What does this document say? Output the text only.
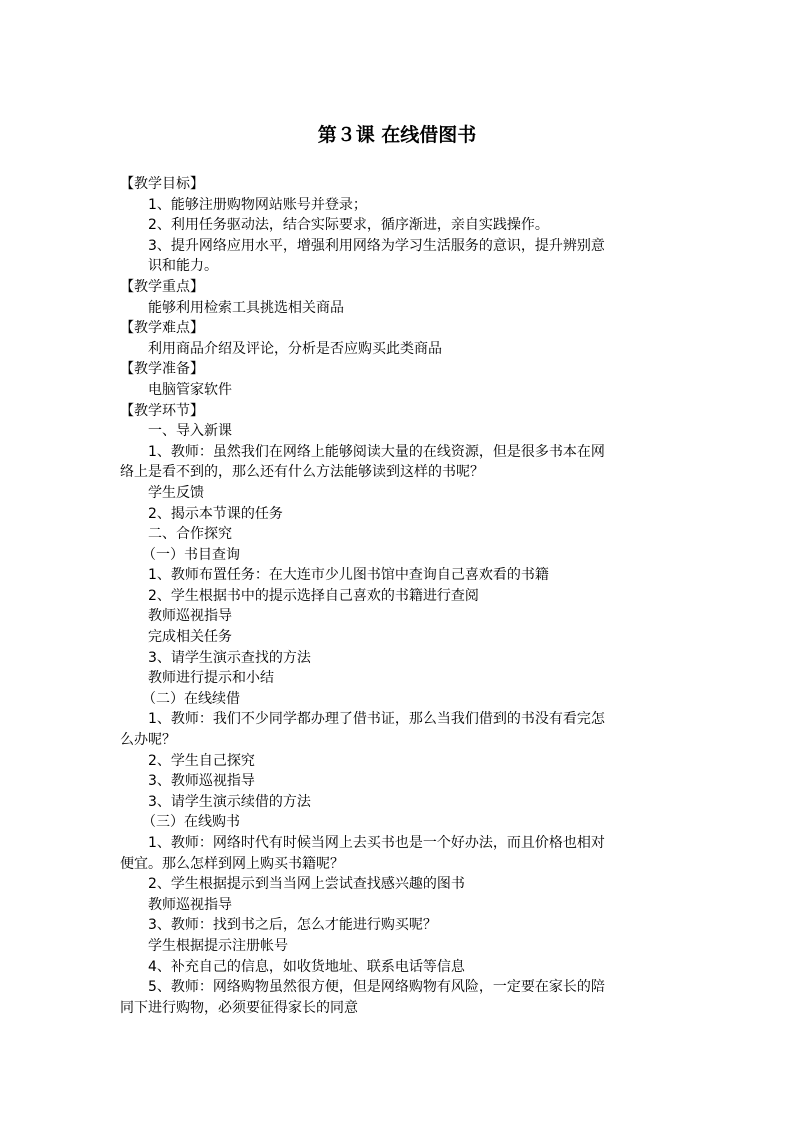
第３课 在线借图书

【教学目标】

1、能够注册购物网站账号并登录；

2、利用任务驱动法，结合实际要求，循序渐进，亲自实践操作。

3、提升网络应用水平，增强利用网络为学习生活服务的意识，提升辨别意

识和能力。

【教学重点】

能够利用检索工具挑选相关商品

【教学难点】

利用商品介绍及评论，分析是否应购买此类商品

【教学准备】

电脑管家软件

【教学环节】

一、导入新课

1、教师：虽然我们在网络上能够阅读大量的在线资源，但是很多书本在网

络上是看不到的，那么还有什么方法能够读到这样的书呢？

学生反馈

2、揭示本节课的任务

二、合作探究

（一）书目查询

1、教师布置任务：在大连市少儿图书馆中查询自己喜欢看的书籍

2、学生根据书中的提示选择自己喜欢的书籍进行查阅

教师巡视指导

完成相关任务

3、请学生演示查找的方法

教师进行提示和小结

（二）在线续借

1、教师：我们不少同学都办理了借书证，那么当我们借到的书没有看完怎

么办呢？

2、学生自己探究

3、教师巡视指导

3、请学生演示续借的方法

（三）在线购书

1、教师：网络时代有时候当网上去买书也是一个好办法，而且价格也相对

便宜。那么怎样到网上购买书籍呢？

2、学生根据提示到当当网上尝试查找感兴趣的图书

教师巡视指导

3、教师：找到书之后，怎么才能进行购买呢？

学生根据提示注册帐号

4、补充自己的信息，如收货地址、联系电话等信息

5、教师：网络购物虽然很方便，但是网络购物有风险，一定要在家长的陪

同下进行购物，必须要征得家长的同意
